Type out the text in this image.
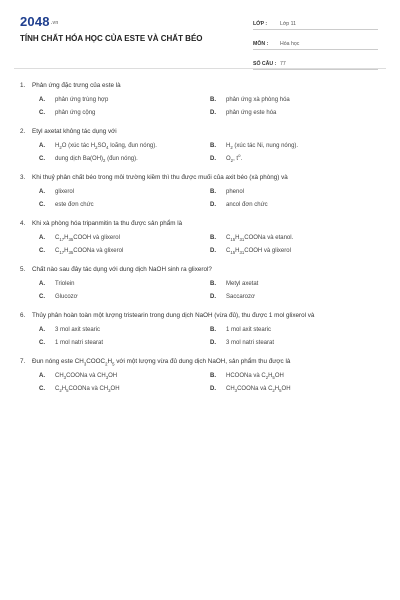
2048.vn
TÍNH CHẤT HÓA HỌC CỦA ESTE VÀ CHẤT BÉO
LỚP :	Lớp 11
MÔN :	Hóa học
SỐ CÂU : 77
1.	Phản ứng đặc trưng của este là
A.	phản ứng trùng hợp	B.	phản ứng xà phòng hóa
C.	phản ứng cộng	D.	phản ứng este hóa
2.	Etyl axetat không tác dụng với
A.	$H_2O$ (xúc tác $H_2SO_4$ loãng, đun nóng).	B.	$H_2$ (xúc tác Ni, nung nóng).
C.	dung dịch $Ba(OH)_2$ (đun nóng).	D.	$O_2$, $t^o$.
3.	Khi thuỷ phân chất béo trong môi trường kiềm thì thu được muối của axit béo (xà phòng) và
A.	glixerol	B.	phenol
C.	este đơn chức	D.	ancol đơn chức
4.	Khi xà phòng hóa tripanmitin ta thu được sản phẩm là
A.	$C_{17}H_{35}COOH$ và glixerol	B.	$C_{15}H_{31}COONa$ và etanol.
C.	$C_{17}H_{35}COONa$ và glixerol	D.	$C_{15}H_{31}COOH$ và glixerol
5.	Chất nào sau đây tác dụng với dung dịch NaOH sinh ra glixerol?
A.	Triolein	B.	Metyl axetat
C.	Glucozơ	D.	Saccarozơ
6.	Thủy phân hoàn toàn một lượng tristearin trong dung dịch NaOH (vừa đủ), thu được 1 mol glixerol và
A.	3 mol axit stearic	B.	1 mol axit stearic
C.	1 mol natri stearat	D.	3 mol natri stearat
7.	Đun nóng este $CH_3COOC_2H_5$ với một lượng vừa đủ dung dịch NaOH, sản phẩm thu được là
A.	$CH_3COONa$ và $CH_3OH$	B.	HCOONa và $C_2H_5OH$
C.	$C_2H_5COONa$ và $CH_3OH$	D.	$CH_3COONa$ và $C_2H_5OH$
